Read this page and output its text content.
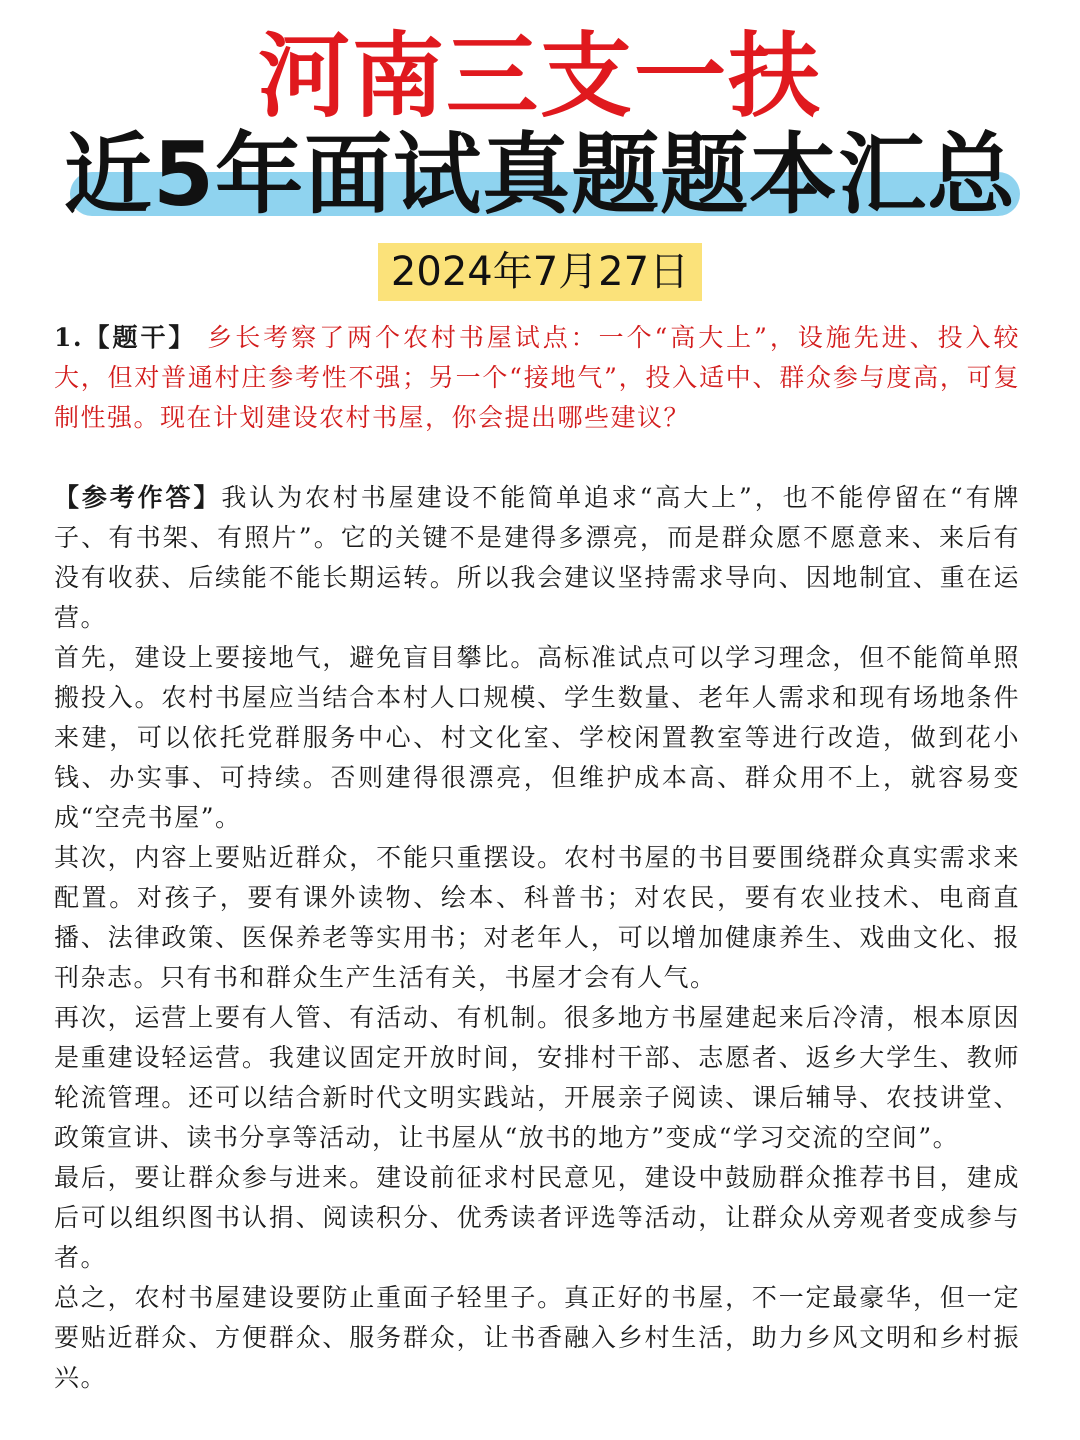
河南三支一扶
近5年面试真题题本汇总
2024年7月27日

1.【题干】 乡长考察了两个农村书屋试点：一个“高大上”，设施先进、投入较大，但对普通村庄参考性不强；另一个“接地气”，投入适中、群众参与度高，可复制性强。现在计划建设农村书屋，你会提出哪些建议？

【参考作答】我认为农村书屋建设不能简单追求“高大上”，也不能停留在“有牌子、有书架、有照片”。它的关键不是建得多漂亮，而是群众愿不愿意来、来后有没有收获、后续能不能长期运转。所以我会建议坚持需求导向、因地制宜、重在运营。

首先，建设上要接地气，避免盲目攀比。高标准试点可以学习理念，但不能简单照搬投入。农村书屋应当结合本村人口规模、学生数量、老年人需求和现有场地条件来建，可以依托党群服务中心、村文化室、学校闲置教室等进行改造，做到花小钱、办实事、可持续。否则建得很漂亮，但维护成本高、群众用不上，就容易变成“空壳书屋”。

其次，内容上要贴近群众，不能只重摆设。农村书屋的书目要围绕群众真实需求来配置。对孩子，要有课外读物、绘本、科普书；对农民，要有农业技术、电商直播、法律政策、医保养老等实用书；对老年人，可以增加健康养生、戏曲文化、报刊杂志。只有书和群众生产生活有关，书屋才会有人气。

再次，运营上要有人管、有活动、有机制。很多地方书屋建起来后冷清，根本原因是重建设轻运营。我建议固定开放时间，安排村干部、志愿者、返乡大学生、教师轮流管理。还可以结合新时代文明实践站，开展亲子阅读、课后辅导、农技讲堂、政策宣讲、读书分享等活动，让书屋从“放书的地方”变成“学习交流的空间”。

最后，要让群众参与进来。建设前征求村民意见，建设中鼓励群众推荐书目，建成后可以组织图书认捐、阅读积分、优秀读者评选等活动，让群众从旁观者变成参与者。

总之，农村书屋建设要防止重面子轻里子。真正好的书屋，不一定最豪华，但一定要贴近群众、方便群众、服务群众，让书香融入乡村生活，助力乡风文明和乡村振兴。
